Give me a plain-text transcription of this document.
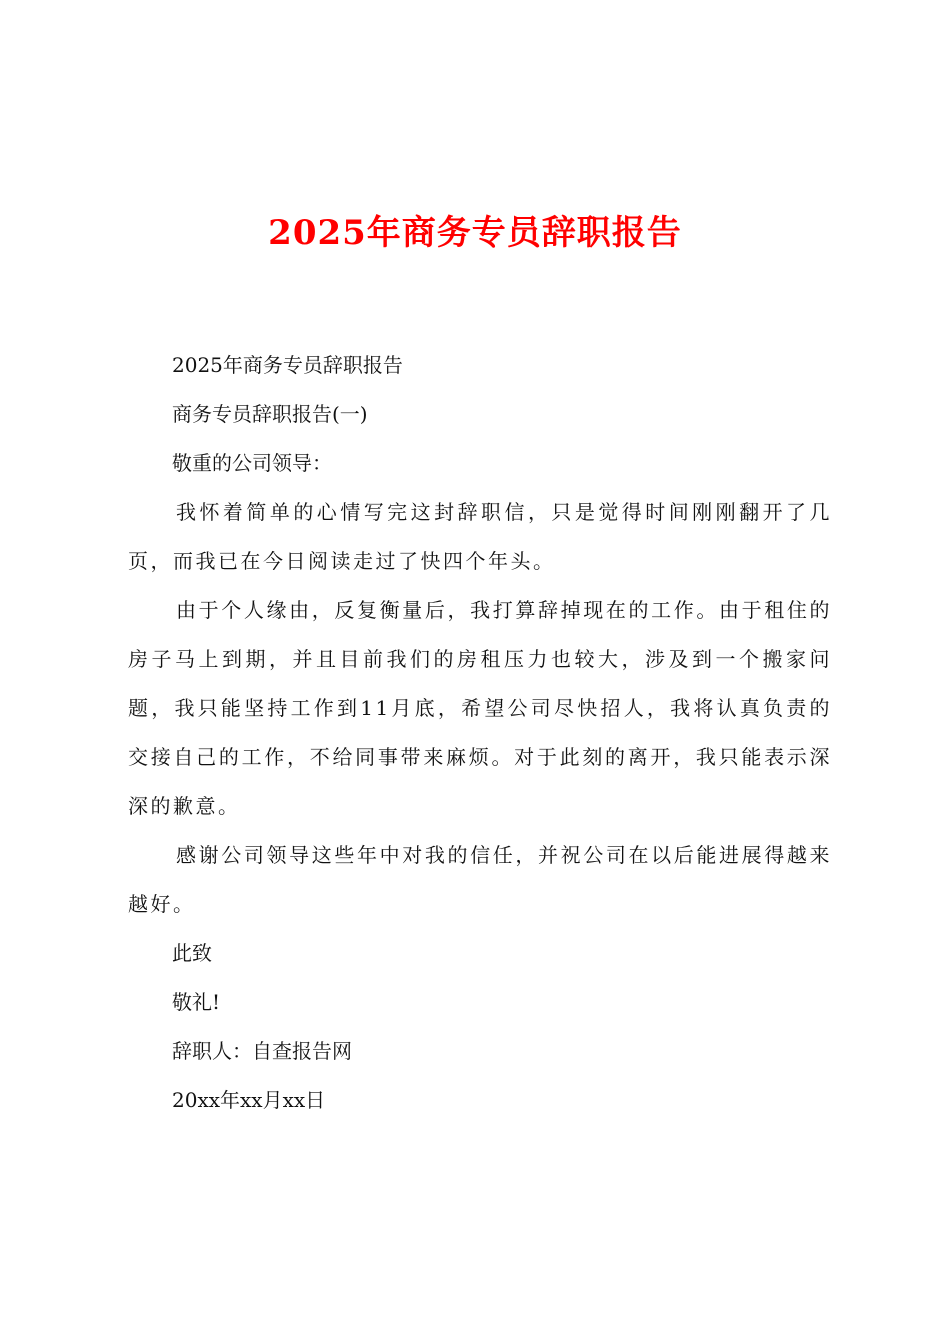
2025年商务专员辞职报告

2025年商务专员辞职报告

商务专员辞职报告(一)

敬重的公司领导：

我怀着简单的心情写完这封辞职信，只是觉得时间刚刚翻开了几页，而我已在今日阅读走过了快四个年头。

由于个人缘由，反复衡量后，我打算辞掉现在的工作。由于租住的房子马上到期，并且目前我们的房租压力也较大，涉及到一个搬家问题，我只能坚持工作到11月底，希望公司尽快招人，我将认真负责的交接自己的工作，不给同事带来麻烦。对于此刻的离开，我只能表示深深的歉意。

感谢公司领导这些年中对我的信任，并祝公司在以后能进展得越来越好。

此致

敬礼!

辞职人：自查报告网

20xx年xx月xx日
